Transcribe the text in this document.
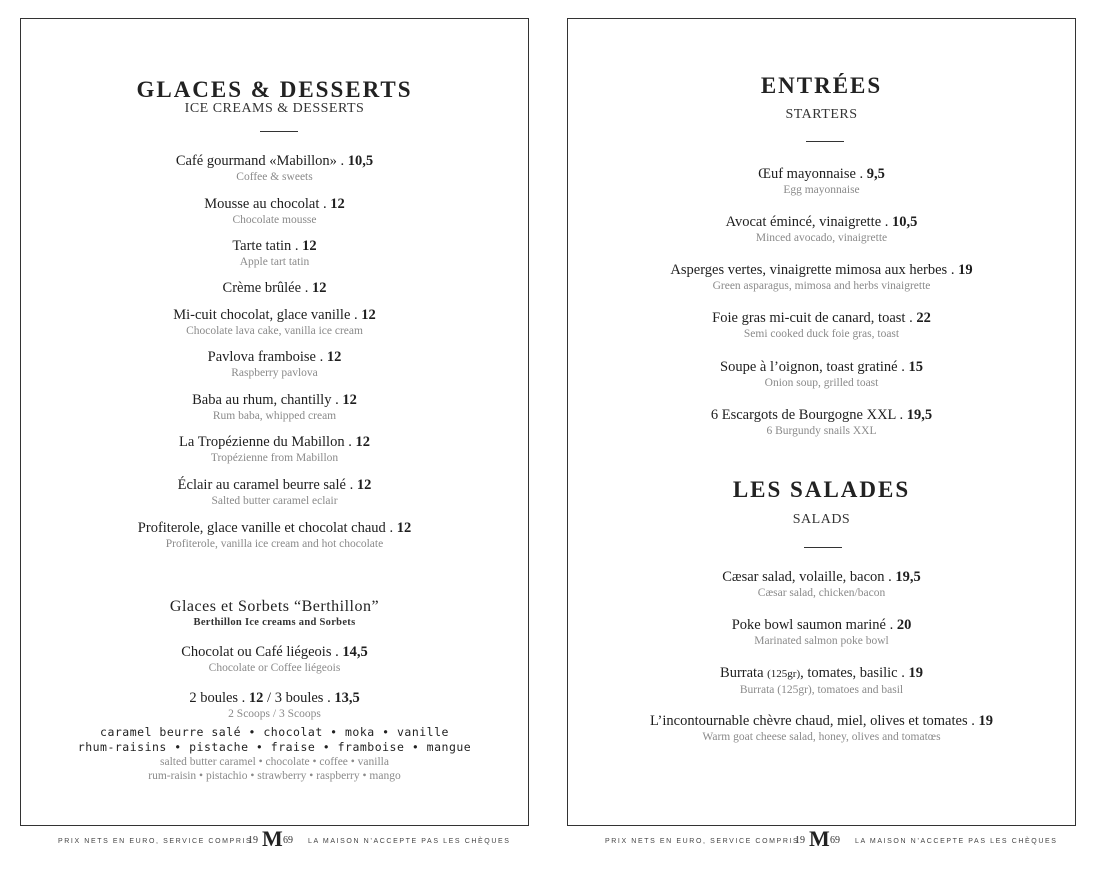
GLACES & DESSERTS
ICE CREAMS & DESSERTS
Café gourmand «Mabillon» . 10,5
Coffee & sweets
Mousse au chocolat . 12
Chocolate mousse
Tarte tatin . 12
Apple tart tatin
Crème brûlée . 12
Mi-cuit chocolat, glace vanille . 12
Chocolate lava cake, vanilla ice cream
Pavlova framboise . 12
Raspberry pavlova
Baba au rhum, chantilly . 12
Rum baba, whipped cream
La Tropézienne du Mabillon . 12
Tropézienne from Mabillon
Éclair au caramel beurre salé . 12
Salted butter caramel eclair
Profiterole, glace vanille et chocolat chaud . 12
Profiterole, vanilla ice cream and hot chocolate
Glaces et Sorbets “Berthillon”
Berthillon Ice creams and Sorbets
Chocolat ou Café liégeois . 14,5
Chocolate or Coffee liégeois
2 boules . 12 / 3 boules . 13,5
2 Scoops / 3 Scoops
caramel beurre salé • chocolat • moka • vanille
rhum-raisins • pistache • fraise • framboise • mangue
salted butter caramel • chocolate • coffee • vanilla
rum-raisin • pistachio • strawberry • raspberry • mango
ENTRÉES
STARTERS
Œuf mayonnaise . 9,5
Egg mayonnaise
Avocat émincé, vinaigrette . 10,5
Minced avocado, vinaigrette
Asperges vertes, vinaigrette mimosa aux herbes . 19
Green asparagus, mimosa and herbs vinaigrette
Foie gras mi-cuit de canard, toast . 22
Semi cooked duck foie gras, toast
Soupe à l’oignon, toast gratiné . 15
Onion soup, grilled toast
6 Escargots de Bourgogne XXL . 19,5
6 Burgundy snails XXL
LES SALADES
SALADS
Cæsar salad, volaille, bacon . 19,5
Cæsar salad, chicken/bacon
Poke bowl saumon mariné . 20
Marinated salmon poke bowl
Burrata (125gr), tomates, basilic . 19
Burrata (125gr), tomatoes and basil
L’incontournable chèvre chaud, miel, olives et tomates . 19
Warm goat cheese salad, honey, olives and tomatœs
PRIX NETS EN EURO, SERVICE COMPRIS
19 M 69 LA MAISON N’ACCEPTE PAS LES CHÈQUES	PRIX NETS EN EURO, SERVICE COMPRIS
19 M 69 LA MAISON N’ACCEPTE PAS LES CHÈQUES
